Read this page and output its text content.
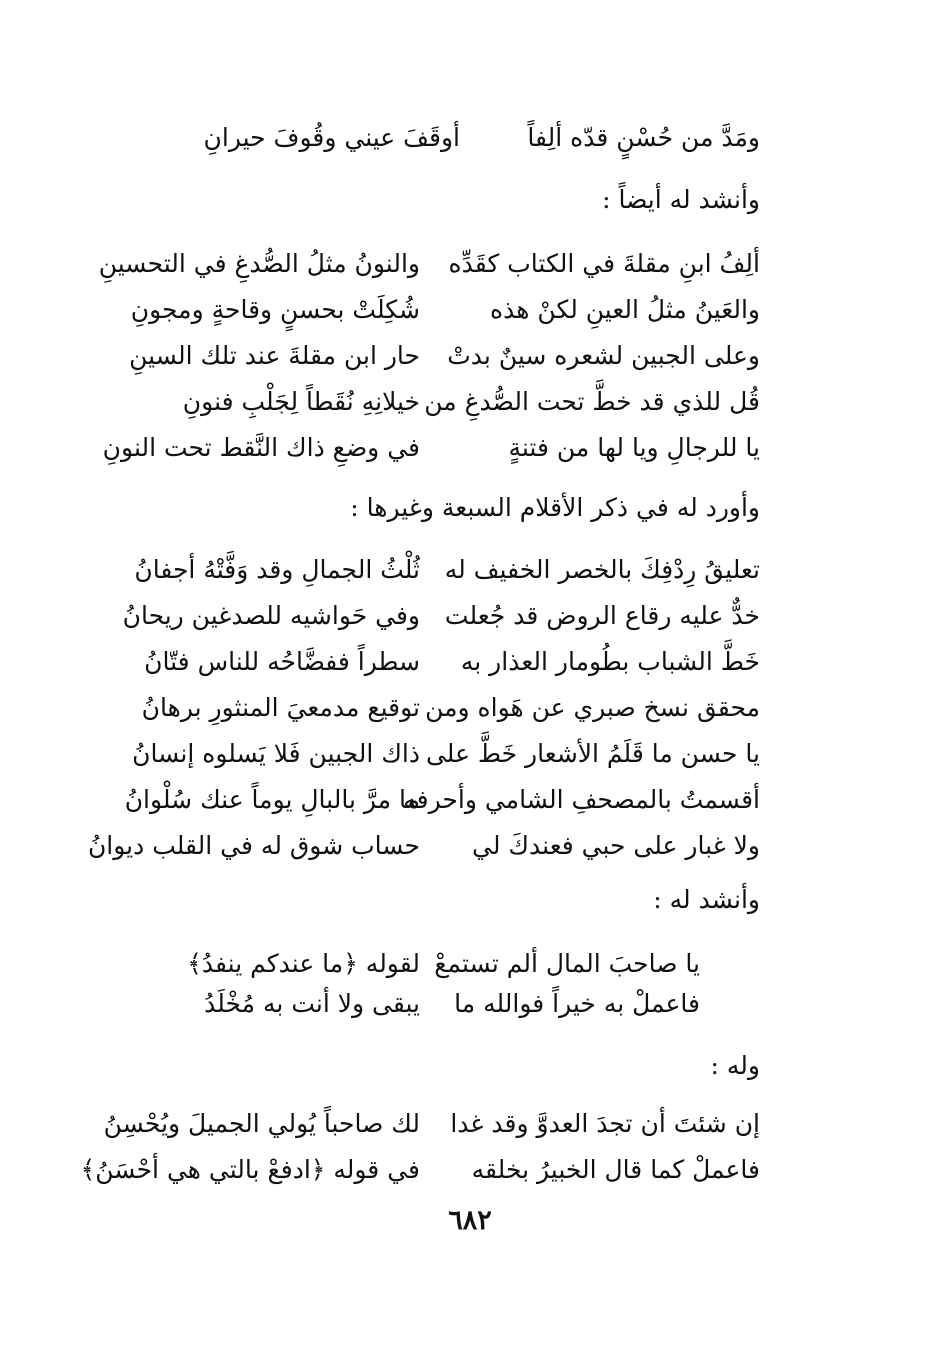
ومَدَّ من حُسْنٍ قدّه ألِفاً
أوقَفَ عيني وقُوفَ حيرانِ
وأنشد له أيضاً :
ألِفُ ابنِ مقلةَ في الكتاب كقَدِّه
والنونُ مثلُ الصُّدغِ في التحسينِ
والعَينُ مثلُ العينِ لكنْ هذه
شُكِلَتْ بحسنٍ وقاحةٍ ومجونِ
وعلى الجبين لشعره سينٌ بدتْ
حار ابن مقلةَ عند تلك السينِ
قُل للذي قد خطَّ تحت الصُّدغِ من
خيلانِهِ نُقَطاً لِجَلْبِ فنونِ
يا للرجالِ ويا لها من فتنةٍ
في وضعِ ذاك النَّقط تحت النونِ
وأورد له في ذكر الأقلام السبعة وغيرها :
تعليقُ رِدْفِكَ بالخصر الخفيف له
ثُلْثُ الجمالِ وقد وَفَّتْهُ أجفانُ
خدٌّ عليه رقاع الروض قد جُعلت
وفي حَواشيه للصدغين ريحانُ
خَطَّ الشباب بطُومار العذار به
سطراً ففضَّاحُه للناس فتّانُ
محقق نسخ صبري عن هَواه ومن
توقيع مدمعيَ المنثورِ برهانُ
يا حسن ما قَلَمُ الأشعار خَطَّ على
ذاك الجبين فَلا يَسلوه إنسانُ
أقسمتُ بالمصحفِ الشامي وأحرفه
ما مرَّ بالبالِ يوماً عنك سُلْوانُ
ولا غبار على حبي فعندكَ لي
حساب شوق له في القلب ديوانُ
وأنشد له :
يا صاحبَ المال ألم تستمعْ
لقوله ﴿ما عندكم ينفدُ﴾
فاعملْ به خيراً فوالله ما
يبقى ولا أنت به مُخْلَدُ
وله :
إن شئتَ أن تجدَ العدوَّ وقد غدا
لك صاحباً يُولي الجميلَ ويُحْسِنُ
فاعملْ كما قال الخبيرُ بخلقه
في قوله ﴿ادفعْ بالتي هي أحْسَنُ﴾
٦٨٢
